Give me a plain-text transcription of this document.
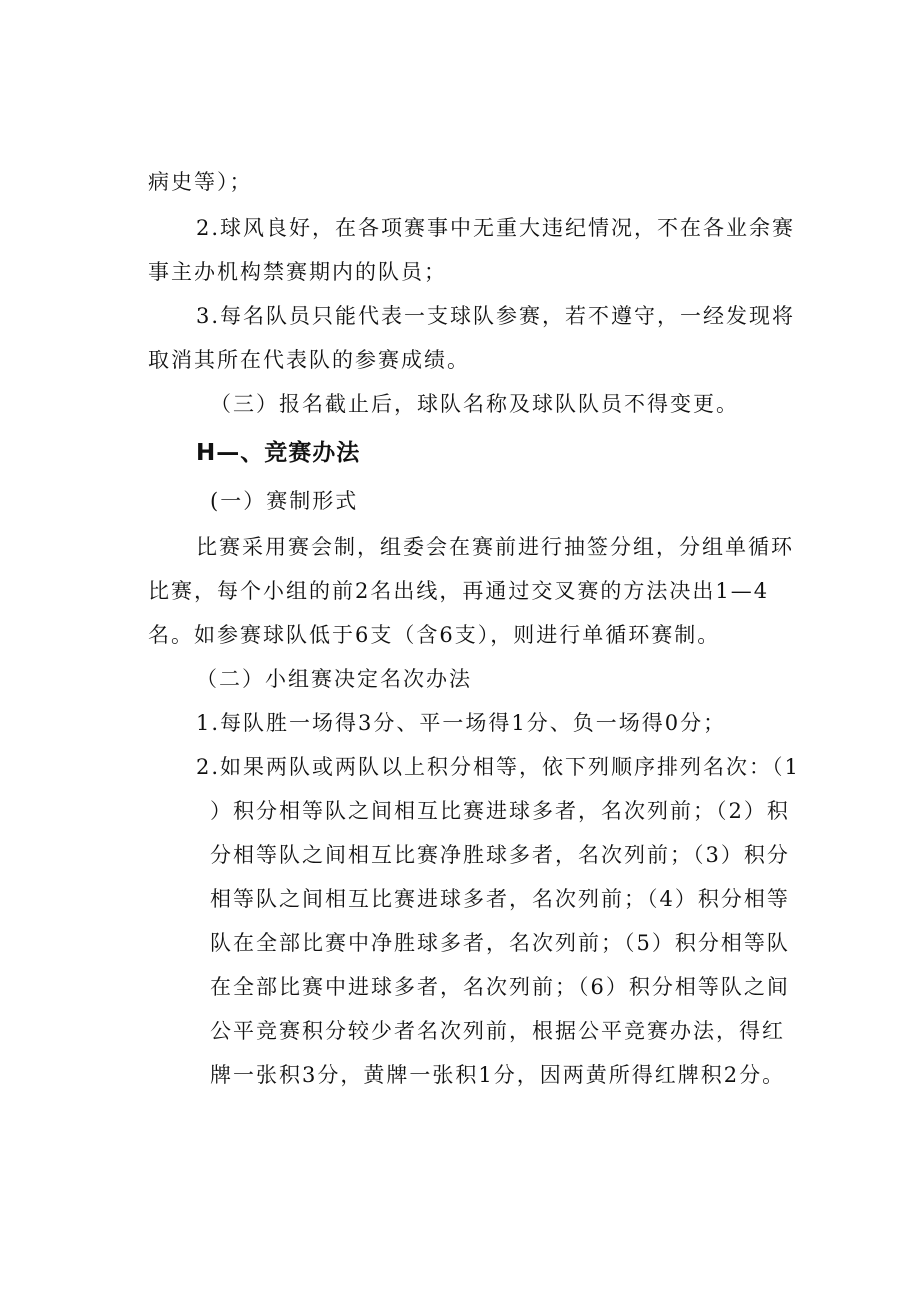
病史等）；
2.球风良好，在各项赛事中无重大违纪情况，不在各业余赛
事主办机构禁赛期内的队员；
3.每名队员只能代表一支球队参赛，若不遵守，一经发现将
取消其所在代表队的参赛成绩。
（三）报名截止后，球队名称及球队队员不得变更。
H—、竞赛办法
(一）赛制形式
比赛采用赛会制，组委会在赛前进行抽签分组，分组单循环
比赛，每个小组的前2名出线，再通过交叉赛的方法决出1—4
名。如参赛球队低于6支（含6支），则进行单循环赛制。
（二）小组赛决定名次办法
1.每队胜一场得3分、平一场得1分、负一场得0分；
2.如果两队或两队以上积分相等，依下列顺序排列名次：（1
）积分相等队之间相互比赛进球多者，名次列前；（2）积
分相等队之间相互比赛净胜球多者，名次列前；（3）积分
相等队之间相互比赛进球多者，名次列前；（4）积分相等
队在全部比赛中净胜球多者，名次列前；（5）积分相等队
在全部比赛中进球多者，名次列前；（6）积分相等队之间
公平竞赛积分较少者名次列前，根据公平竞赛办法，得红
牌一张积3分，黄牌一张积1分，因两黄所得红牌积2分。
